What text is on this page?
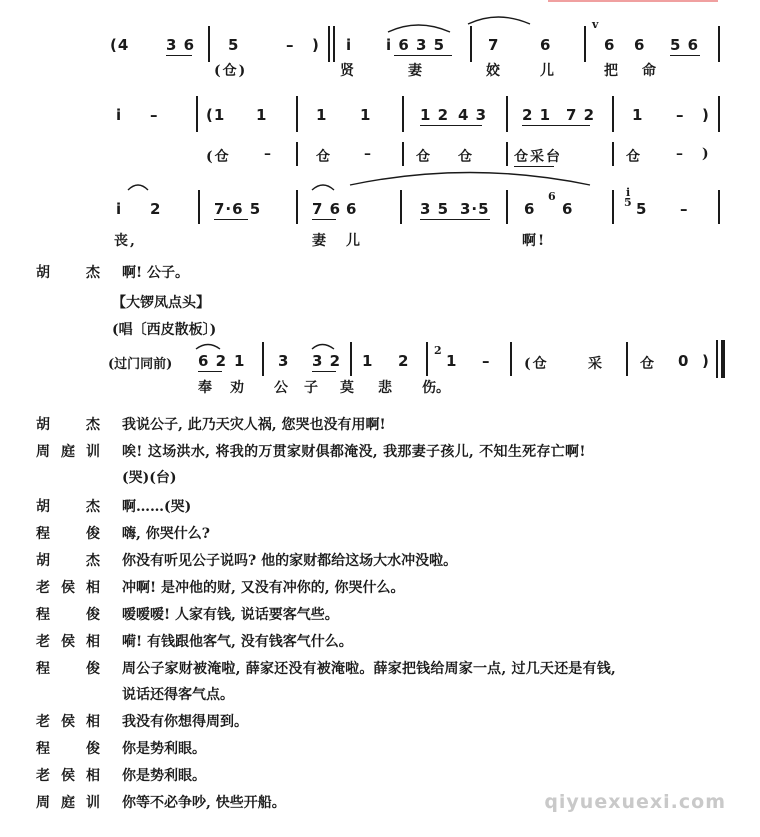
(4 3 6 5	– ) i i 6 3 5	7	6
v
6 6 5 6
(仓)	贤	妻	姣	儿	把 命
i –	(1 1	1 1	1 2 4 3 2 1 7 2 1 – )
(仓 –	仓 –	仓 仓	仓采台	仓 – )
i 2	7·6 5	7 6 6	3 5 3·5 6
6
6
i
5 5 –
丧,	妻 儿	啊!
胡　杰 啊! 公子。
【大锣凤点头】
(唱〔西皮散板〕)
(过门同前) 6 2 1 3 3 2 1 2
2
1 – (仓	采	仓 0 )
奉 劝 公 子 莫 悲 伤。
胡　杰 我说公子, 此乃天灾人祸, 您哭也没有用啊!
周庭训 唉! 这场洪水, 将我的万贯家财俱都淹没, 我那妻子孩儿, 不知生死存亡啊!
(哭)(台)
胡　杰 啊……(哭)
程　俊 嗨, 你哭什么?
胡　杰 你没有听见公子说吗? 他的家财都给这场大水冲没啦。
老侯相 冲啊! 是冲他的财, 又没有冲你的, 你哭什么。
程　俊 嗳嗳嗳! 人家有钱, 说话要客气些。
老侯相 嗬! 有钱跟他客气, 没有钱客气什么。
程　俊 周公子家财被淹啦, 薛家还没有被淹啦。薛家把钱给周家一点, 过几天还是有钱,
说话还得客气点。
老侯相 我没有你想得周到。
程　俊 你是势利眼。
老侯相 你是势利眼。
周庭训 你等不必争吵, 快些开船。	qiyuexuexi.com
